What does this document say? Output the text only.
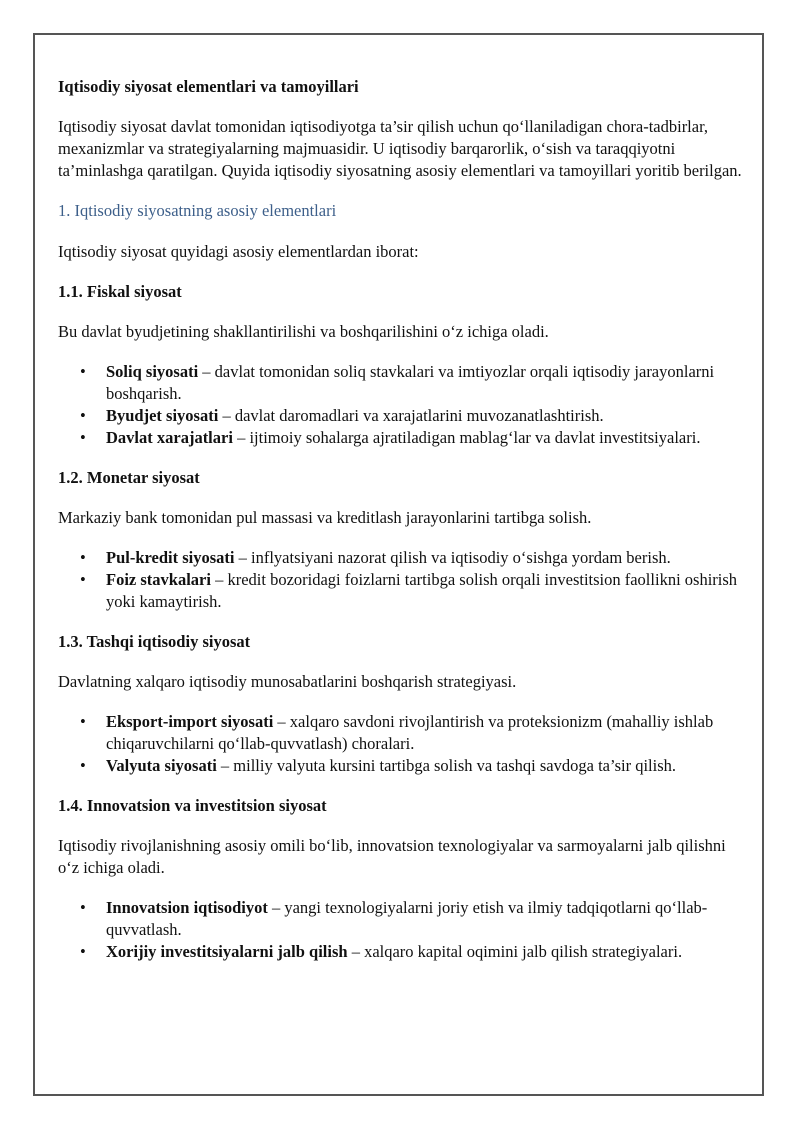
Iqtisodiy siyosat elementlari va tamoyillari

Iqtisodiy siyosat davlat tomonidan iqtisodiyotga ta’sir qilish uchun qo‘llaniladigan chora-tadbirlar, mexanizmlar va strategiyalarning majmuasidir. U iqtisodiy barqarorlik, o‘sish va taraqqiyotni ta’minlashga qaratilgan. Quyida iqtisodiy siyosatning asosiy elementlari va tamoyillari yoritib berilgan.

1. Iqtisodiy siyosatning asosiy elementlari

Iqtisodiy siyosat quyidagi asosiy elementlardan iborat:

1.1. Fiskal siyosat

Bu davlat byudjetining shakllantirilishi va boshqarilishini o‘z ichiga oladi.

• Soliq siyosati – davlat tomonidan soliq stavkalari va imtiyozlar orqali iqtisodiy jarayonlarni boshqarish.
• Byudjet siyosati – davlat daromadlari va xarajatlarini muvozanatlashtirish.
• Davlat xarajatlari – ijtimoiy sohalarga ajratiladigan mablag‘lar va davlat investitsiyalari.

1.2. Monetar siyosat

Markaziy bank tomonidan pul massasi va kreditlash jarayonlarini tartibga solish.

• Pul-kredit siyosati – inflyatsiyani nazorat qilish va iqtisodiy o‘sishga yordam berish.
• Foiz stavkalari – kredit bozoridagi foizlarni tartibga solish orqali investitsion faollikni oshirish yoki kamaytirish.

1.3. Tashqi iqtisodiy siyosat

Davlatning xalqaro iqtisodiy munosabatlarini boshqarish strategiyasi.

• Eksport-import siyosati – xalqaro savdoni rivojlantirish va proteksionizm (mahalliy ishlab chiqaruvchilarni qo‘llab-quvvatlash) choralari.
• Valyuta siyosati – milliy valyuta kursini tartibga solish va tashqi savdoga ta’sir qilish.

1.4. Innovatsion va investitsion siyosat

Iqtisodiy rivojlanishning asosiy omili bo‘lib, innovatsion texnologiyalar va sarmoyalarni jalb qilishni o‘z ichiga oladi.

• Innovatsion iqtisodiyot – yangi texnologiyalarni joriy etish va ilmiy tadqiqotlarni qo‘llab-quvvatlash.
• Xorijiy investitsiyalarni jalb qilish – xalqaro kapital oqimini jalb qilish strategiyalari.
